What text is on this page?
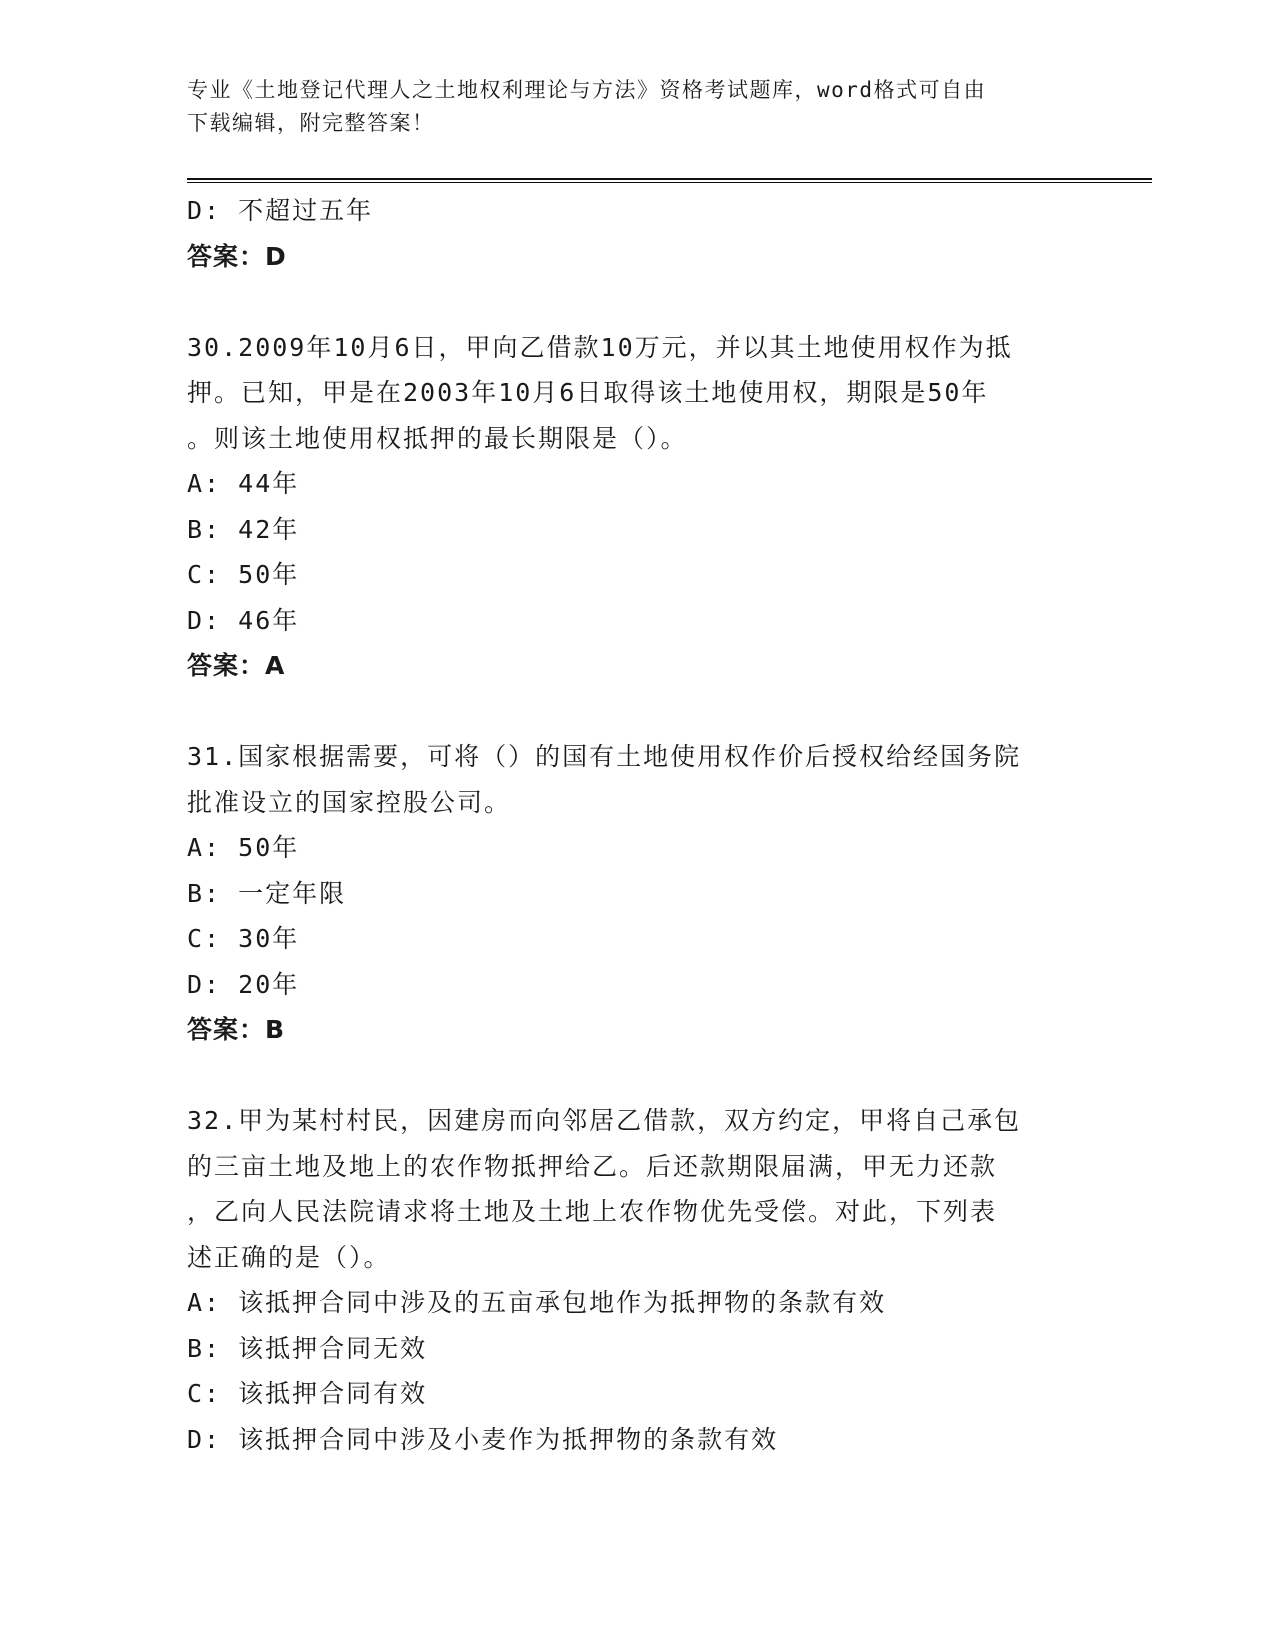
专业《土地登记代理人之土地权利理论与方法》资格考试题库，word格式可自由
下载编辑，附完整答案！
D: 不超过五年
答案：D
30.2009年10月6日，甲向乙借款10万元，并以其土地使用权作为抵
押。已知，甲是在2003年10月6日取得该土地使用权，期限是50年
。则该土地使用权抵押的最长期限是（）。
A: 44年
B: 42年
C: 50年
D: 46年
答案：A
31.国家根据需要，可将（）的国有土地使用权作价后授权给经国务院
批准设立的国家控股公司。
A: 50年
B: 一定年限
C: 30年
D: 20年
答案：B
32.甲为某村村民，因建房而向邻居乙借款，双方约定，甲将自己承包
的三亩土地及地上的农作物抵押给乙。后还款期限届满，甲无力还款
，乙向人民法院请求将土地及土地上农作物优先受偿。对此，下列表
述正确的是（）。
A: 该抵押合同中涉及的五亩承包地作为抵押物的条款有效
B: 该抵押合同无效
C: 该抵押合同有效
D: 该抵押合同中涉及小麦作为抵押物的条款有效
